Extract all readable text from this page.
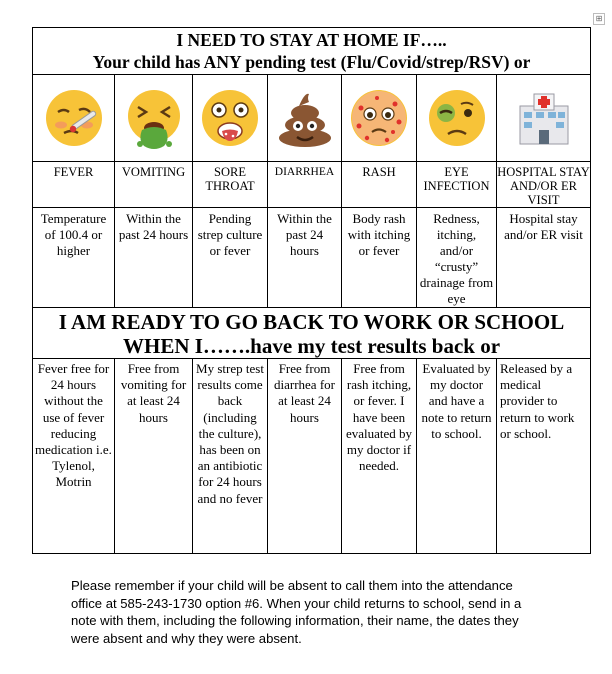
⊞
I NEED TO STAY AT HOME IF…..
Your child has ANY pending test (Flu/Covid/strep/RSV) or						

FEVER	VOMITING	SORE THROAT	DIARRHEA	RASH	EYE INFECTION	HOSPITAL STAY AND/OR ER VISIT
Temperature of 100.4 or higher	Within the past 24 hours	Pending strep culture or fever	Within the past 24 hours	Body rash with itching or fever	Redness, itching, and/or “crusty” drainage from eye	Hospital stay and/or ER visit

I AM READY TO GO BACK TO WORK OR SCHOOL
WHEN I…….have my test results back or						

Fever free for 24 hours without the use of fever reducing medication i.e. Tylenol, Motrin	Free from vomiting for at least 24 hours	My strep test results come back (including the culture), has been on an antibiotic for 24 hours and no fever	Free from diarrhea for at least 24 hours	Free from rash itching, or fever. I have been evaluated by my doctor if needed.	Evaluated by my doctor and have a note to return to school.	Released by a medical provider to return to work or school.
Please remember if your child will be absent to call them into the attendance office at 585-243-1730 option #6. When your child returns to school, send in a note with them, including the following information, their name, the dates they were absent and why they were absent.
